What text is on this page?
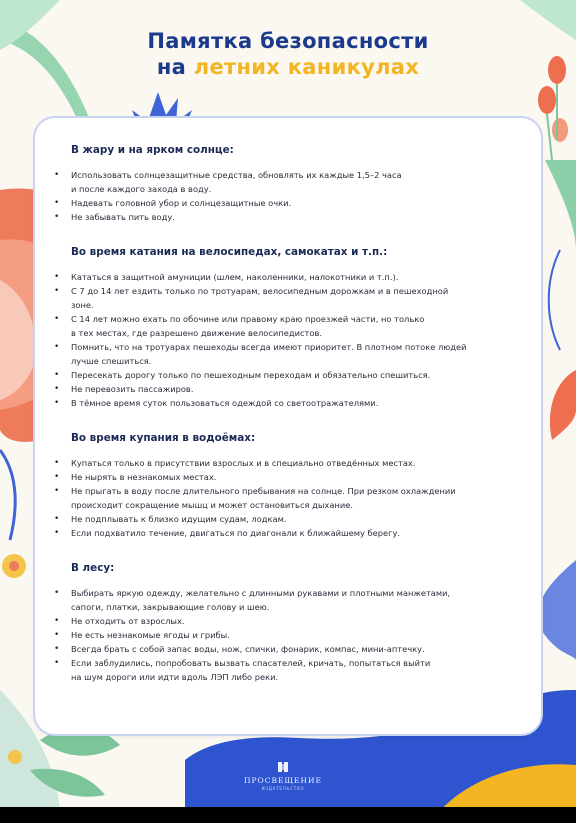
Памятка безопасности
на летних каникулах
В жару и на ярком солнце:
• Использовать солнцезащитные средства, обновлять их каждые 1,5–2 часа
и после каждого захода в воду.
• Надевать головной убор и солнцезащитные очки.
• Не забывать пить воду.
Во время катания на велосипедах, самокатах и т.п.:
• Кататься в защитной амуниции (шлем, наколенники, налокотники и т.п.).
• С 7 до 14 лет ездить только по тротуарам, велосипедным дорожкам и в пешеходной
зоне.
• С 14 лет можно ехать по обочине или правому краю проезжей части, но только
в тех местах, где разрешено движение велосипедистов.
• Помнить, что на тротуарах пешеходы всегда имеют приоритет. В плотном потоке людей
лучше спешиться.
• Пересекать дорогу только по пешеходным переходам и обязательно спешиться.
• Не перевозить пассажиров.
• В тёмное время суток пользоваться одеждой со светоотражателями.
Во время купания в водоёмах:
• Купаться только в присутствии взрослых и в специально отведённых местах.
• Не нырять в незнакомых местах.
• Не прыгать в воду после длительного пребывания на солнце. При резком охлаждении
происходит сокращение мышц и может остановиться дыхание.
• Не подплывать к близко идущим судам, лодкам.
• Если подхватило течение, двигаться по диагонали к ближайшему берегу.
В лесу:
• Выбирать яркую одежду, желательно с длинными рукавами и плотными манжетами,
сапоги, платки, закрывающие голову и шею.
• Не отходить от взрослых.
• Не есть незнакомые ягоды и грибы.
• Всегда брать с собой запас воды, нож, спички, фонарик, компас, мини-аптечку.
• Если заблудились, попробовать вызвать спасателей, кричать, попытаться выйти
на шум дороги или идти вдоль ЛЭП либо реки.
ПРОСВЕЩЕНИЕ
ИЗДАТЕЛЬСТВО
